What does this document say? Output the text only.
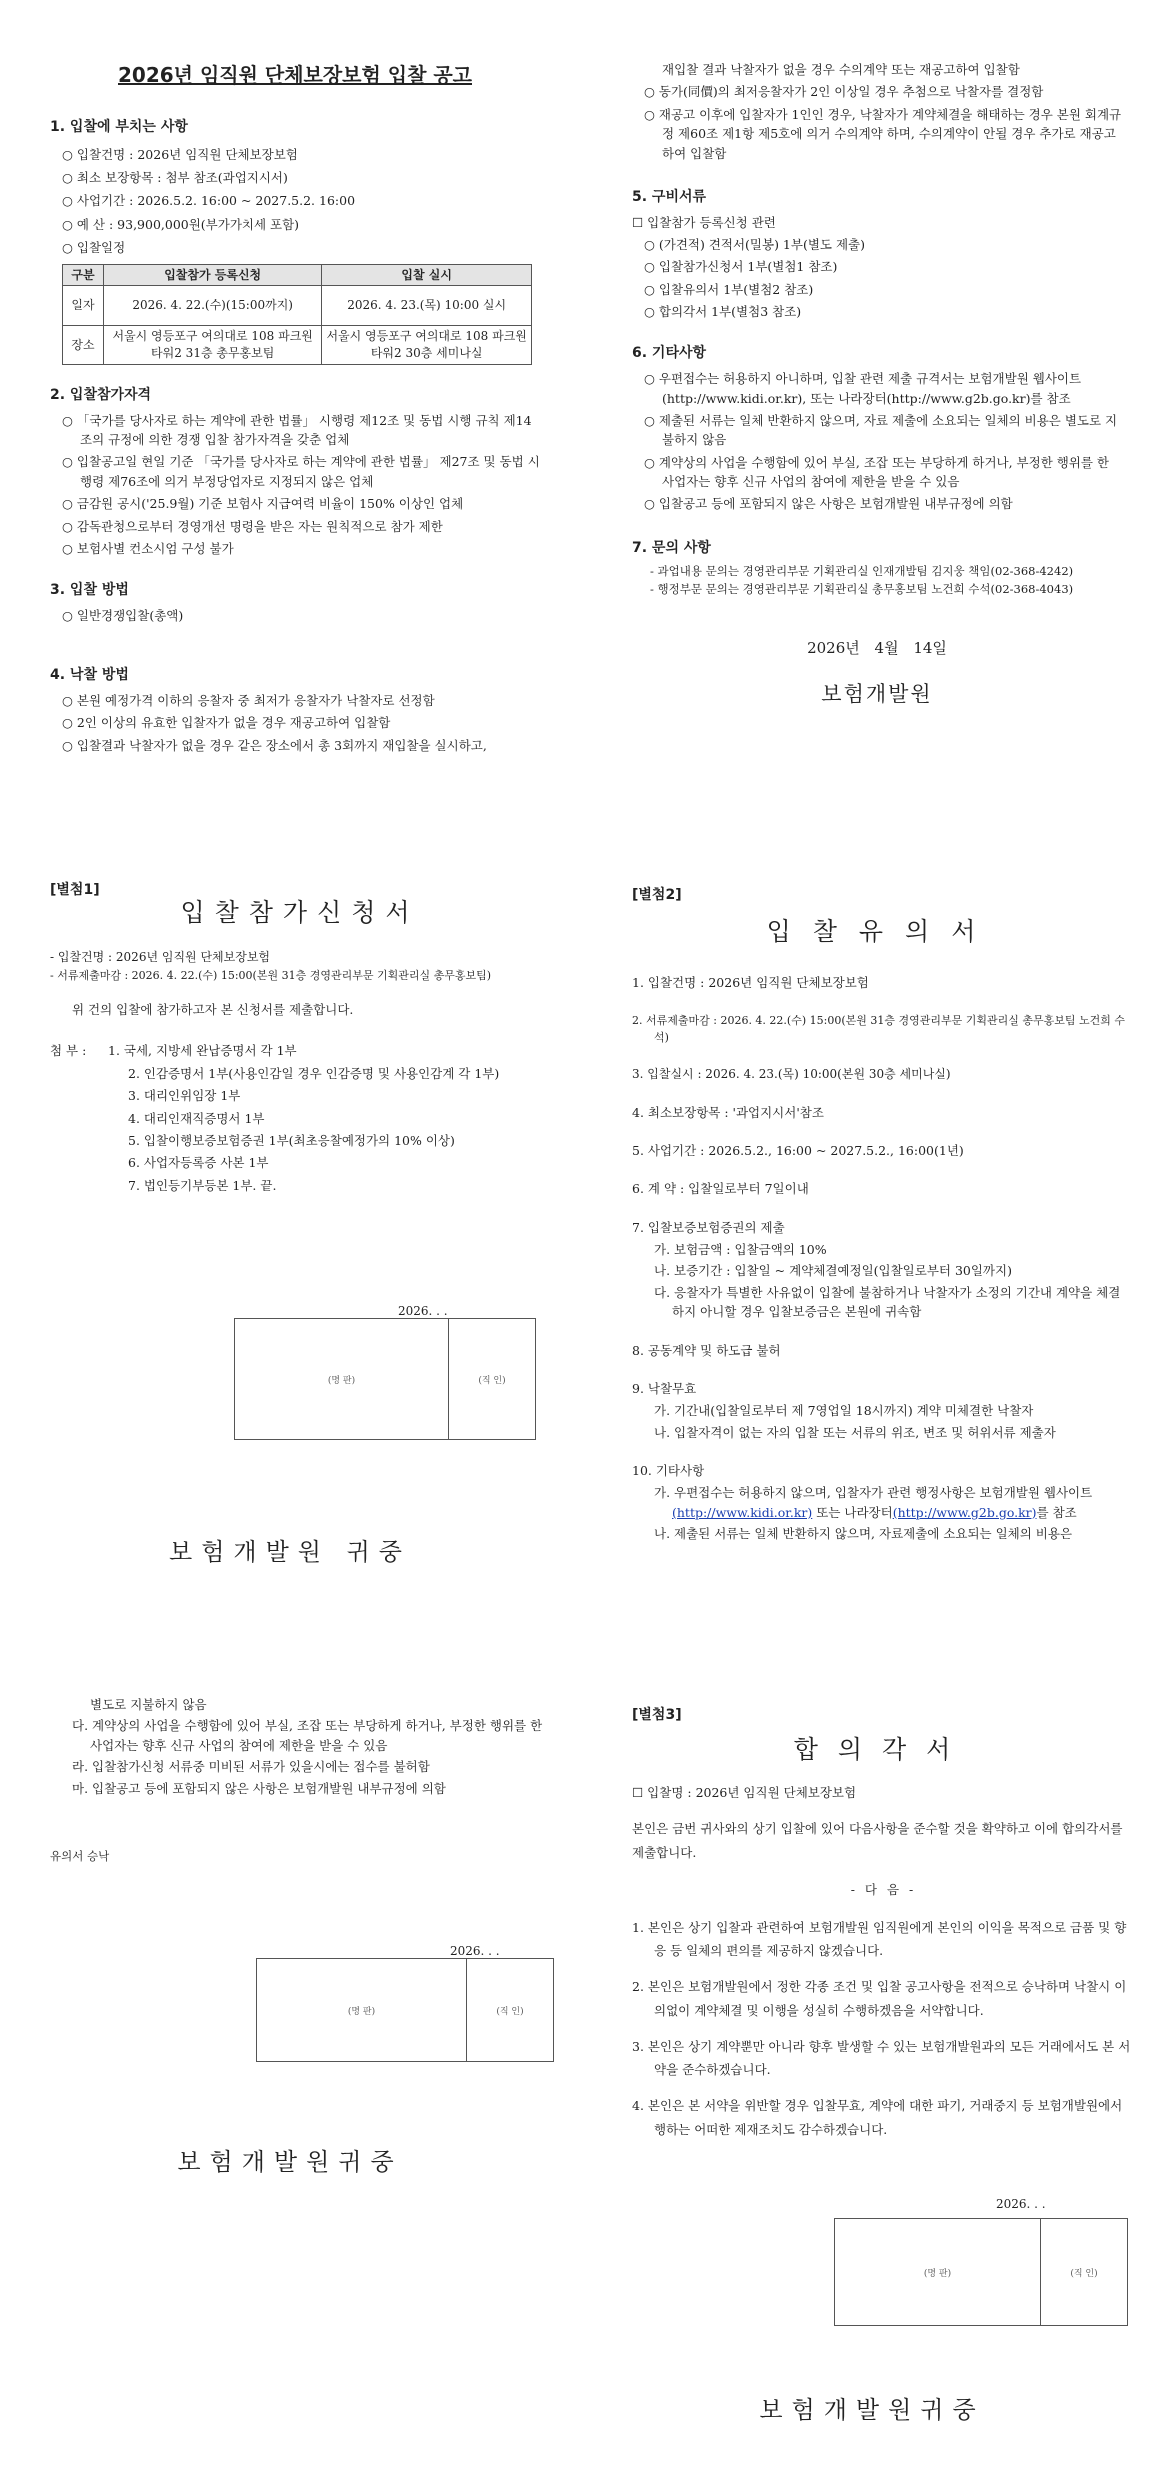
2026년 임직원 단체보장보험 입찰 공고

1. 입찰에 부치는 사항

○ 입찰건명 : 2026년 임직원 단체보장보험

○ 최소 보장항목 : 첨부 참조(과업지시서)

○ 사업기간 : 2026.5.2. 16:00 ~ 2027.5.2. 16:00

○ 예 산 : 93,900,000원(부가가치세 포함)

○ 입찰일정

구분	입찰참가 등록신청	입찰 실시
일자	2026. 4. 22.(수)(15:00까지)	2026. 4. 23.(목) 10:00 실시
장소	서울시 영등포구 여의대로 108 파크원 타워2 31층 총무홍보팀	서울시 영등포구 여의대로 108 파크원 타워2 30층 세미나실

2. 입찰참가자격

○ 「국가를 당사자로 하는 계약에 관한 법률」 시행령 제12조 및 동법 시행 규칙 제14조의 규정에 의한 경쟁 입찰 참가자격을 갖춘 업체

○ 입찰공고일 현일 기준 「국가를 당사자로 하는 계약에 관한 법률」 제27조 및 동법 시행령 제76조에 의거 부정당업자로 지정되지 않은 업체

○ 금감원 공시('25.9월) 기준 보험사 지급여력 비율이 150% 이상인 업체

○ 감독관청으로부터 경영개선 명령을 받은 자는 원칙적으로 참가 제한

○ 보험사별 컨소시엄 구성 불가

3. 입찰 방법

○ 일반경쟁입찰(총액)

4. 낙찰 방법

○ 본원 예정가격 이하의 응찰자 중 최저가 응찰자가 낙찰자로 선정함

○ 2인 이상의 유효한 입찰자가 없을 경우 재공고하여 입찰함

○ 입찰결과 낙찰자가 없을 경우 같은 장소에서 총 3회까지 재입찰을 실시하고,

재입찰 결과 낙찰자가 없을 경우 수의계약 또는 재공고하여 입찰함

○ 동가(同價)의 최저응찰자가 2인 이상일 경우 추첨으로 낙찰자를 결정함

○ 재공고 이후에 입찰자가 1인인 경우, 낙찰자가 계약체결을 해태하는 경우 본원 회계규정 제60조 제1항 제5호에 의거 수의계약 하며, 수의계약이 안될 경우 추가로 재공고하여 입찰함

5. 구비서류

☐ 입찰참가 등록신청 관련

○ (가견적) 견적서(밀봉) 1부(별도 제출)

○ 입찰참가신청서 1부(별첨1 참조)

○ 입찰유의서 1부(별첨2 참조)

○ 합의각서 1부(별첨3 참조)

6. 기타사항

○ 우편접수는 허용하지 아니하며, 입찰 관련 제출 규격서는 보험개발원 웹사이트(http://www.kidi.or.kr), 또는 나라장터(http://www.g2b.go.kr)를 참조

○ 제출된 서류는 일체 반환하지 않으며, 자료 제출에 소요되는 일체의 비용은 별도로 지불하지 않음

○ 계약상의 사업을 수행함에 있어 부실, 조잡 또는 부당하게 하거나, 부정한 행위를 한 사업자는 향후 신규 사업의 참여에 제한을 받을 수 있음

○ 입찰공고 등에 포함되지 않은 사항은 보험개발원 내부규정에 의함

7. 문의 사항

- 과업내용 문의는 경영관리부문 기획관리실 인재개발팀 김지웅 책임(02-368-4242)

- 행정부문 문의는 경영관리부문 기획관리실 총무홍보팀 노건희 수석(02-368-4043)

2026년 4월 14일

보험개발원

[별첨1]

입찰참가신청서

- 입찰건명 : 2026년 임직원 단체보장보험

- 서류제출마감 : 2026. 4. 22.(수) 15:00(본원 31층 경영관리부문 기획관리실 총무홍보팀)

위 건의 입찰에 참가하고자 본 신청서를 제출합니다.

첨 부 :	1. 국세, 지방세 완납증명서 각 1부

2. 인감증명서 1부(사용인감일 경우 인감증명 및 사용인감계 각 1부)

3. 대리인위임장 1부

4. 대리인재직증명서 1부

5. 입찰이행보증보험증권 1부(최초응찰예정가의 10% 이상)

6. 사업자등록증 사본 1부

7. 법인등기부등본 1부. 끝.

2026. . .

(명 판)	(직 인)

보험개발원 귀중

[별첨2]

입찰유의서

1. 입찰건명 : 2026년 임직원 단체보장보험

2. 서류제출마감 : 2026. 4. 22.(수) 15:00(본원 31층 경영관리부문 기획관리실 총무홍보팀 노건희 수석)

3. 입찰실시 : 2026. 4. 23.(목) 10:00(본원 30층 세미나실)

4. 최소보장항목 : '과업지시서'참조

5. 사업기간 : 2026.5.2., 16:00 ~ 2027.5.2., 16:00(1년)

6. 계 약 : 입찰일로부터 7일이내

7. 입찰보증보험증권의 제출

가. 보험금액 : 입찰금액의 10%

나. 보증기간 : 입찰일 ~ 계약체결예정일(입찰일로부터 30일까지)

다. 응찰자가 특별한 사유없이 입찰에 불참하거나 낙찰자가 소정의 기간내 계약을 체결하지 아니할 경우 입찰보증금은 본원에 귀속함

8. 공동계약 및 하도급 불허

9. 낙찰무효

가. 기간내(입찰일로부터 제 7영업일 18시까지) 계약 미체결한 낙찰자

나. 입찰자격이 없는 자의 입찰 또는 서류의 위조, 변조 및 허위서류 제출자

10. 기타사항

가. 우편접수는 허용하지 않으며, 입찰자가 관련 행정사항은 보험개발원 웹사이트(http://www.kidi.or.kr) 또는 나라장터(http://www.g2b.go.kr)를 참조

나. 제출된 서류는 일체 반환하지 않으며, 자료제출에 소요되는 일체의 비용은

별도로 지불하지 않음

다. 계약상의 사업을 수행함에 있어 부실, 조잡 또는 부당하게 하거나, 부정한 행위를 한 사업자는 향후 신규 사업의 참여에 제한을 받을 수 있음

라. 입찰참가신청 서류중 미비된 서류가 있을시에는 접수를 불허함

마. 입찰공고 등에 포함되지 않은 사항은 보험개발원 내부규정에 의함

유의서 승낙

2026. . .

(명 판)	(직 인)

보험개발원귀중

[별첨3]

합의각서

☐ 입찰명 : 2026년 임직원 단체보장보험

본인은 금번 귀사와의 상기 입찰에 있어 다음사항을 준수할 것을 확약하고 이에 합의각서를 제출합니다.

- 다 음 -

1. 본인은 상기 입찰과 관련하여 보험개발원 임직원에게 본인의 이익을 목적으로 금품 및 향응 등 일체의 편의를 제공하지 않겠습니다.

2. 본인은 보험개발원에서 정한 각종 조건 및 입찰 공고사항을 전적으로 승낙하며 낙찰시 이의없이 계약체결 및 이행을 성실히 수행하겠음을 서약합니다.

3. 본인은 상기 계약뿐만 아니라 향후 발생할 수 있는 보험개발원과의 모든 거래에서도 본 서약을 준수하겠습니다.

4. 본인은 본 서약을 위반할 경우 입찰무효, 계약에 대한 파기, 거래중지 등 보험개발원에서 행하는 어떠한 제재조치도 감수하겠습니다.

2026. . .

(명 판)	(직 인)

보험개발원귀중
